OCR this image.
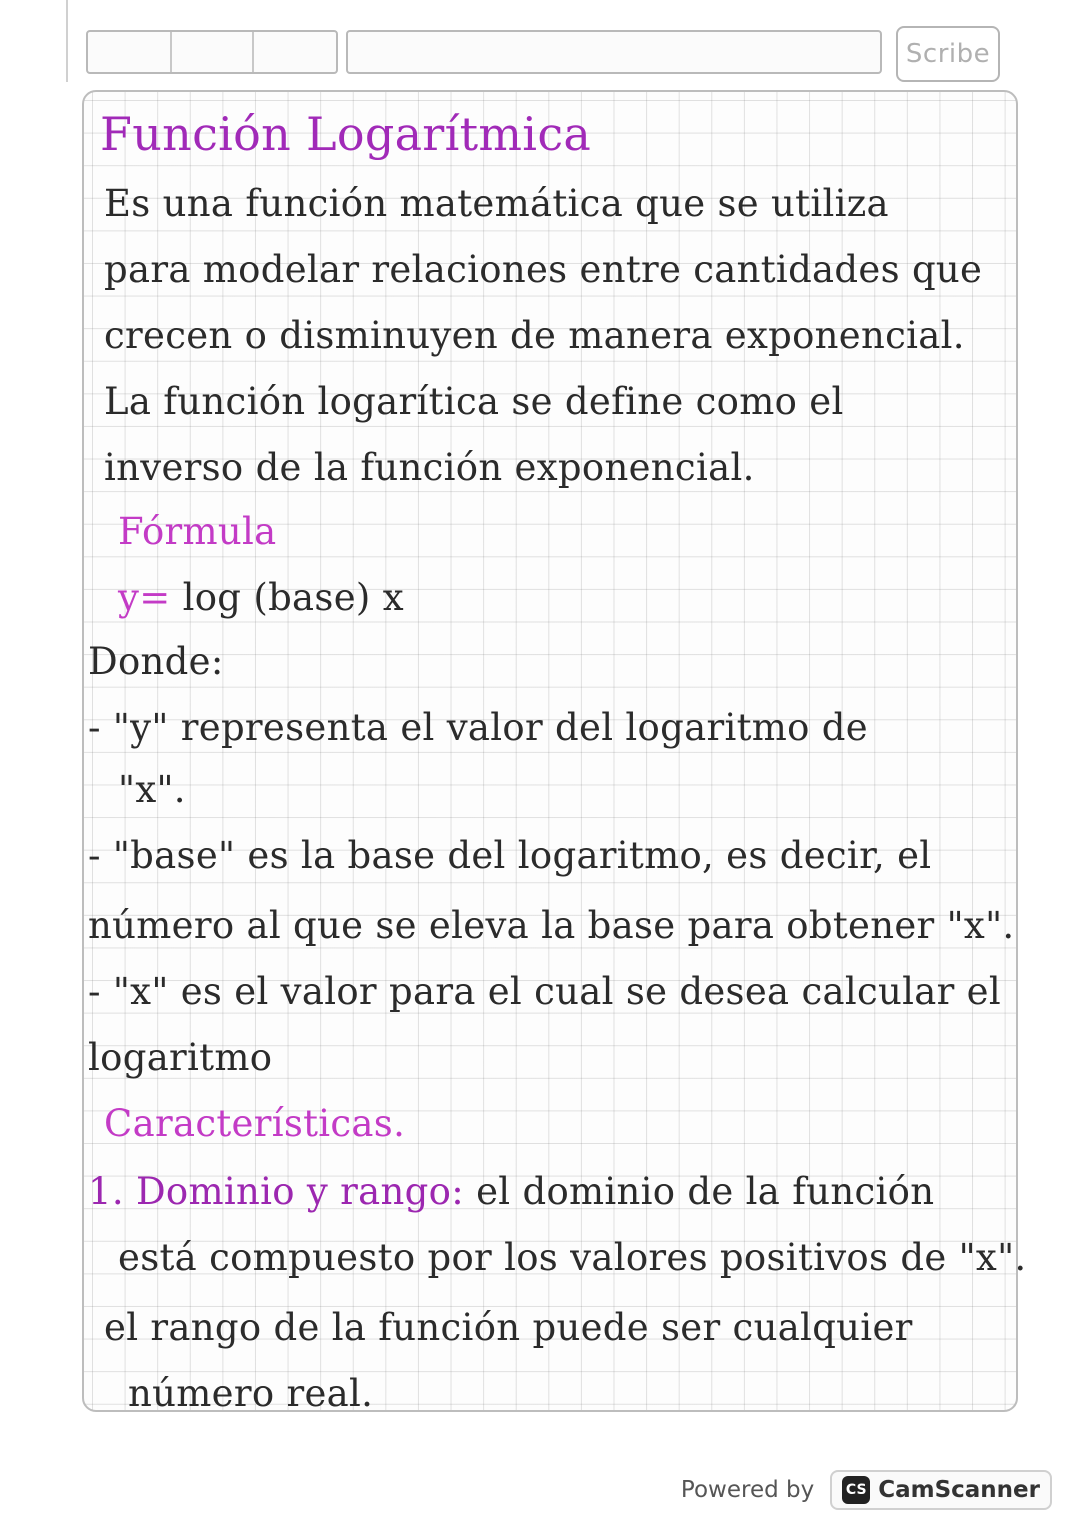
Scribe
Función Logarítmica
Es una función matemática que se utiliza
para modelar relaciones entre cantidades que
crecen o disminuyen de manera exponencial.
La función logarítica se define como el
inverso de la función exponencial.
Fórmula
y= log (base) x
Donde:
- "y" representa el valor del logaritmo de
"x".
- "base" es la base del logaritmo, es decir, el
número al que se eleva la base para obtener "x".
- "x" es el valor para el cual se desea calcular el
logaritmo
Características.
1. Dominio y rango: el dominio de la función
está compuesto por los valores positivos de "x".
el rango de la función puede ser cualquier
número real.
Powered by CS CamScanner
